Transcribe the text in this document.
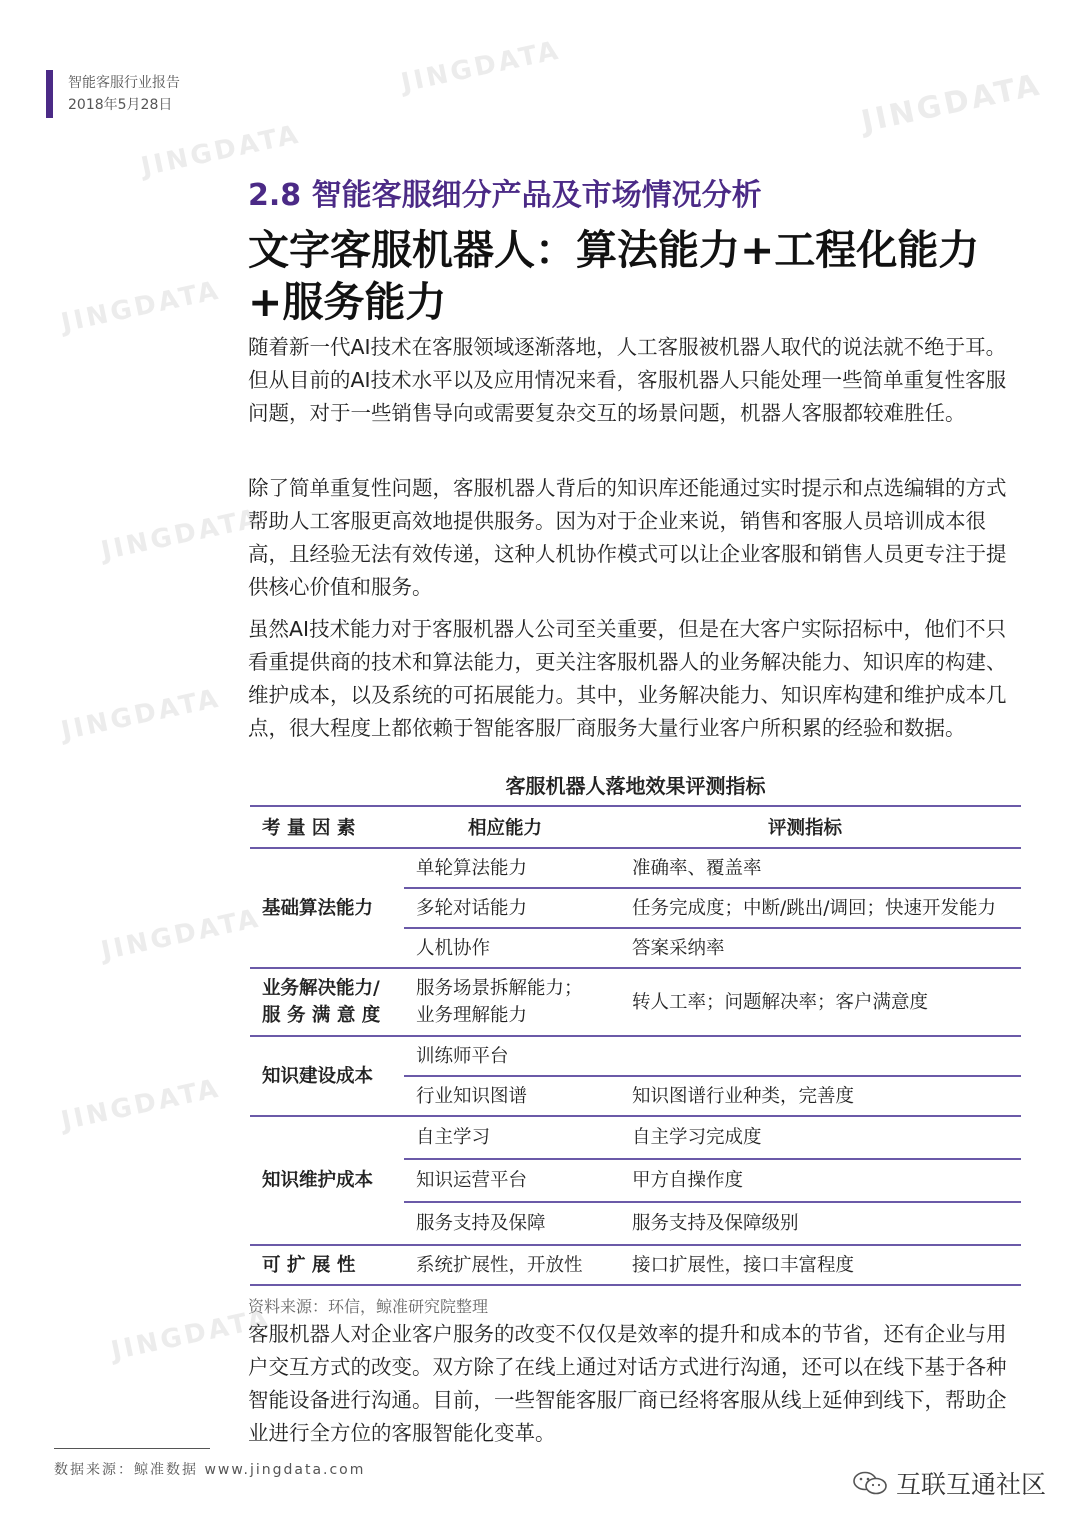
智能客服行业报告
2018年5月28日
JINGDATA
JINGDATA
JINGDATA
JINGDATA
JINGDATA
JINGDATA
JINGDATA
JINGDATA
JINGDATA
2.8 智能客服细分产品及市场情况分析
文字客服机器人：算法能力+工程化能力+服务能力

随着新一代AI技术在客服领域逐渐落地，人工客服被机器人取代的说法就不绝于耳。但从目前的AI技术水平以及应用情况来看，客服机器人只能处理一些简单重复性客服问题，对于一些销售导向或需要复杂交互的场景问题，机器人客服都较难胜任。

除了简单重复性问题，客服机器人背后的知识库还能通过实时提示和点选编辑的方式帮助人工客服更高效地提供服务。因为对于企业来说，销售和客服人员培训成本很高，且经验无法有效传递，这种人机协作模式可以让企业客服和销售人员更专注于提供核心价值和服务。

虽然AI技术能力对于客服机器人公司至关重要，但是在大客户实际招标中，他们不只看重提供商的技术和算法能力，更关注客服机器人的业务解决能力、知识库的构建、维护成本，以及系统的可拓展能力。其中，业务解决能力、知识库构建和维护成本几点，很大程度上都依赖于智能客服厂商服务大量行业客户所积累的经验和数据。

客服机器人落地效果评测指标
考 量 因 素	相应能力	评测指标
基础算法能力	单轮算法能力	准确率、覆盖率
	多轮对话能力	任务完成度；中断/跳出/调回；快速开发能力
	人机协作	答案采纳率
业务解决能力/服 务 满 意 度	服务场景拆解能力；业务理解能力	转人工率；问题解决率；客户满意度
知识建设成本	训练师平台	
	行业知识图谱	知识图谱行业种类，完善度
知识维护成本	自主学习	自主学习完成度
	知识运营平台	甲方自操作度
	服务支持及保障	服务支持及保障级别
可 扩 展 性	系统扩展性，开放性	接口扩展性，接口丰富程度

资料来源：环信，鲸准研究院整理

客服机器人对企业客户服务的改变不仅仅是效率的提升和成本的节省，还有企业与用户交互方式的改变。双方除了在线上通过对话方式进行沟通，还可以在线下基于各种智能设备进行沟通。目前，一些智能客服厂商已经将客服从线上延伸到线下，帮助企业进行全方位的客服智能化变革。

数据来源：鲸准数据 www.jingdata.com	互联互通社区
